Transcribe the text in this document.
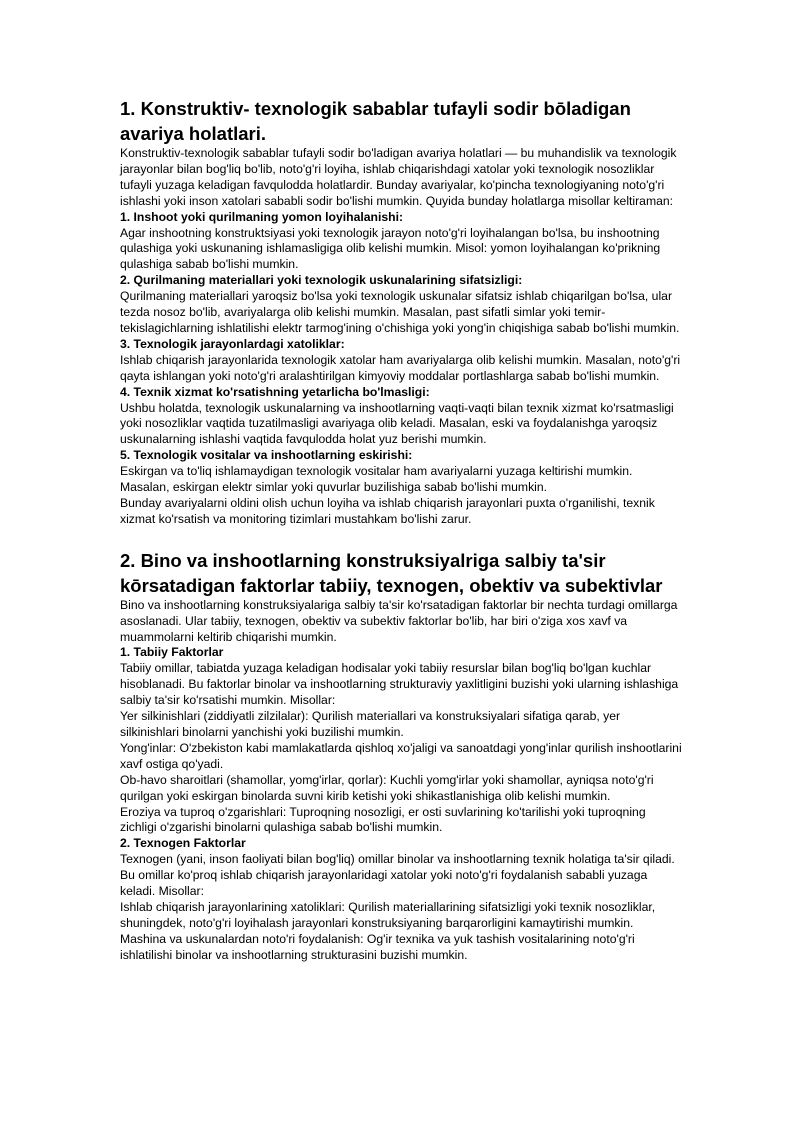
1. Konstruktiv- texnologik sabablar tufayli sodir bōladigan avariya holatlari.

Konstruktiv-texnologik sabablar tufayli sodir bo'ladigan avariya holatlari — bu muhandislik va texnologik jarayonlar bilan bog'liq bo'lib, noto'g'ri loyiha, ishlab chiqarishdagi xatolar yoki texnologik nosozliklar tufayli yuzaga keladigan favqulodda holatlardir. Bunday avariyalar, ko'pincha texnologiyaning noto'g'ri ishlashi yoki inson xatolari sababli sodir bo'lishi mumkin. Quyida bunday holatlarga misollar keltiraman:

1. Inshoot yoki qurilmaning yomon loyihalanishi:

Agar inshootning konstruktsiyasi yoki texnologik jarayon noto'g'ri loyihalangan bo'lsa, bu inshootning qulashiga yoki uskunaning ishlamasligiga olib kelishi mumkin. Misol: yomon loyihalangan ko'prikning qulashiga sabab bo'lishi mumkin.

2. Qurilmaning materiallari yoki texnologik uskunalarining sifatsizligi:

Qurilmaning materiallari yaroqsiz bo'lsa yoki texnologik uskunalar sifatsiz ishlab chiqarilgan bo'lsa, ular tezda nosoz bo'lib, avariyalarga olib kelishi mumkin. Masalan, past sifatli simlar yoki temir-tekislagichlarning ishlatilishi elektr tarmog'ining o'chishiga yoki yong'in chiqishiga sabab bo'lishi mumkin.

3. Texnologik jarayonlardagi xatoliklar:

Ishlab chiqarish jarayonlarida texnologik xatolar ham avariyalarga olib kelishi mumkin. Masalan, noto'g'ri qayta ishlangan yoki noto'g'ri aralashtirilgan kimyoviy moddalar portlashlarga sabab bo'lishi mumkin.

4. Texnik xizmat ko'rsatishning yetarlicha bo'lmasligi:

Ushbu holatda, texnologik uskunalarning va inshootlarning vaqti-vaqti bilan texnik xizmat ko'rsatmasligi yoki nosozliklar vaqtida tuzatilmasligi avariyaga olib keladi. Masalan, eski va foydalanishga yaroqsiz uskunalarning ishlashi vaqtida favqulodda holat yuz berishi mumkin.

5. Texnologik vositalar va inshootlarning eskirishi:

Eskirgan va to'liq ishlamaydigan texnologik vositalar ham avariyalarni yuzaga keltirishi mumkin. Masalan, eskirgan elektr simlar yoki quvurlar buzilishiga sabab bo'lishi mumkin.

Bunday avariyalarni oldini olish uchun loyiha va ishlab chiqarish jarayonlari puxta o'rganilishi, texnik xizmat ko'rsatish va monitoring tizimlari mustahkam bo'lishi zarur.

2. Bino va inshootlarning konstruksiyalriga salbiy ta'sir kōrsatadigan faktorlar tabiiy, texnogen, obektiv va subektivlar

Bino va inshootlarning konstruksiyalariga salbiy ta'sir ko'rsatadigan faktorlar bir nechta turdagi omillarga asoslanadi. Ular tabiiy, texnogen, obektiv va subektiv faktorlar bo'lib, har biri o'ziga xos xavf va muammolarni keltirib chiqarishi mumkin.

1. Tabiiy Faktorlar

Tabiiy omillar, tabiatda yuzaga keladigan hodisalar yoki tabiiy resurslar bilan bog'liq bo'lgan kuchlar hisoblanadi. Bu faktorlar binolar va inshootlarning strukturaviy yaxlitligini buzishi yoki ularning ishlashiga salbiy ta'sir ko'rsatishi mumkin. Misollar:

Yer silkinishlari (ziddiyatli zilzilalar): Qurilish materiallari va konstruksiyalari sifatiga qarab, yer silkinishlari binolarni yanchishi yoki buzilishi mumkin.

Yong'inlar: O'zbekiston kabi mamlakatlarda qishloq xo'jaligi va sanoatdagi yong'inlar qurilish inshootlarini xavf ostiga qo'yadi.

Ob-havo sharoitlari (shamollar, yomg'irlar, qorlar): Kuchli yomg'irlar yoki shamollar, ayniqsa noto'g'ri qurilgan yoki eskirgan binolarda suvni kirib ketishi yoki shikastlanishiga olib kelishi mumkin.

Eroziya va tuproq o'zgarishlari: Tuproqning nosozligi, er osti suvlarining ko'tarilishi yoki tuproqning zichligi o'zgarishi binolarni qulashiga sabab bo'lishi mumkin.

2. Texnogen Faktorlar

Texnogen (yani, inson faoliyati bilan bog'liq) omillar binolar va inshootlarning texnik holatiga ta'sir qiladi. Bu omillar ko'proq ishlab chiqarish jarayonlaridagi xatolar yoki noto'g'ri foydalanish sababli yuzaga keladi. Misollar:

Ishlab chiqarish jarayonlarining xatoliklari: Qurilish materiallarining sifatsizligi yoki texnik nosozliklar, shuningdek, noto'g'ri loyihalash jarayonlari konstruksiyaning barqarorligini kamaytirishi mumkin.

Mashina va uskunalardan noto'ri foydalanish: Og'ir texnika va yuk tashish vositalarining noto'g'ri ishlatilishi binolar va inshootlarning strukturasini buzishi mumkin.
